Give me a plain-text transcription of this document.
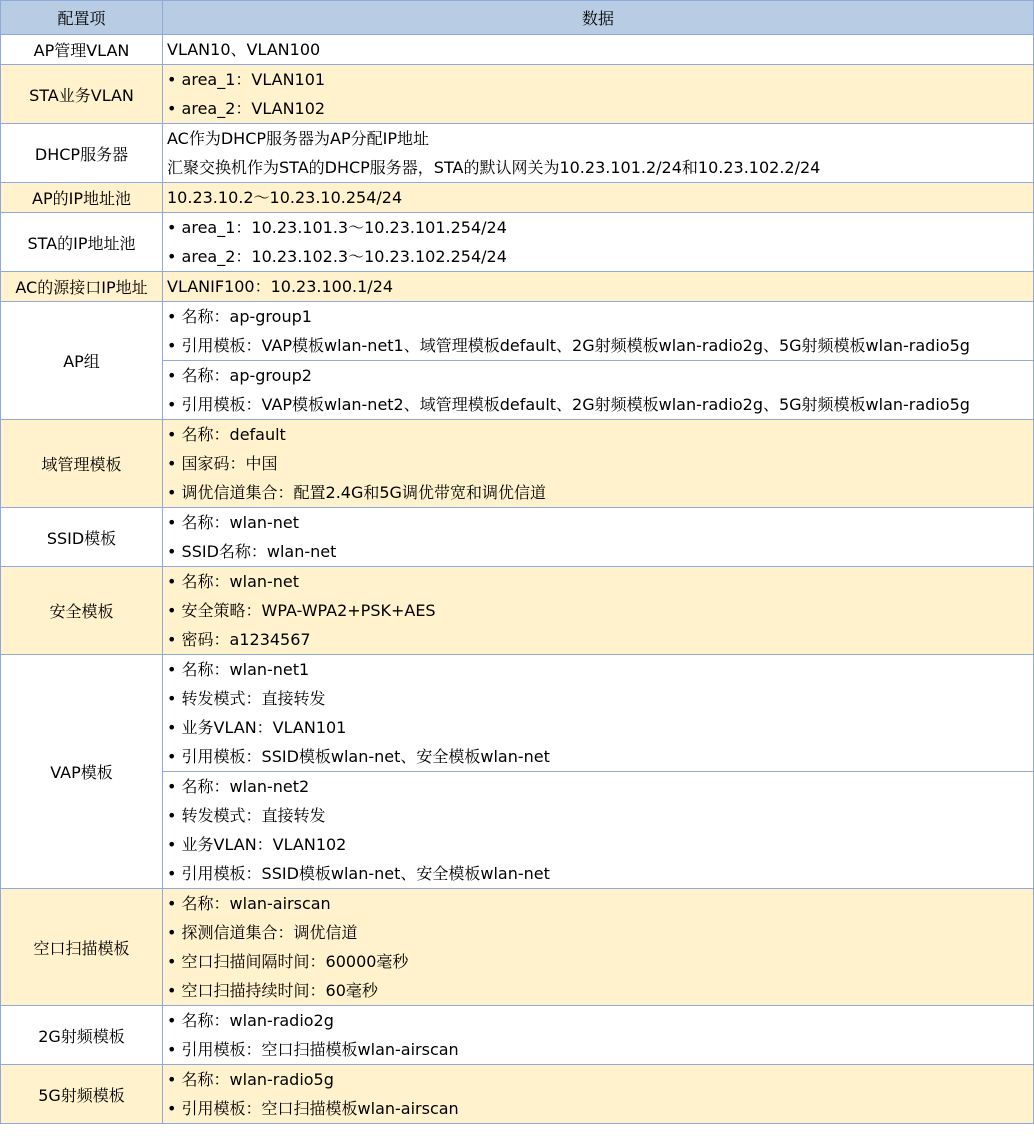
配置项	数据
AP管理VLAN	VLAN10、VLAN100

STA业务VLAN	• area_1：VLAN101
• area_2：VLAN102

DHCP服务器	AC作为DHCP服务器为AP分配IP地址
汇聚交换机作为STA的DHCP服务器，STA的默认网关为10.23.101.2/24和10.23.102.2/24

AP的IP地址池	10.23.10.2～10.23.10.254/24

STA的IP地址池	• area_1：10.23.101.3～10.23.101.254/24
• area_2：10.23.102.3～10.23.102.254/24

AC的源接口IP地址	VLANIF100：10.23.100.1/24

AP组	• 名称：ap-group1
• 引用模板：VAP模板wlan-net1、域管理模板default、2G射频模板wlan-radio2g、5G射频模板wlan-radio5g

	• 名称：ap-group2
• 引用模板：VAP模板wlan-net2、域管理模板default、2G射频模板wlan-radio2g、5G射频模板wlan-radio5g

域管理模板	• 名称：default
• 国家码：中国
• 调优信道集合：配置2.4G和5G调优带宽和调优信道

SSID模板	• 名称：wlan-net
• SSID名称：wlan-net

安全模板	• 名称：wlan-net
• 安全策略：WPA-WPA2+PSK+AES
• 密码：a1234567

VAP模板	• 名称：wlan-net1
• 转发模式：直接转发
• 业务VLAN：VLAN101
• 引用模板：SSID模板wlan-net、安全模板wlan-net

	• 名称：wlan-net2
• 转发模式：直接转发
• 业务VLAN：VLAN102
• 引用模板：SSID模板wlan-net、安全模板wlan-net

空口扫描模板	• 名称：wlan-airscan
• 探测信道集合：调优信道
• 空口扫描间隔时间：60000毫秒
• 空口扫描持续时间：60毫秒

2G射频模板	• 名称：wlan-radio2g
• 引用模板：空口扫描模板wlan-airscan

5G射频模板	• 名称：wlan-radio5g
• 引用模板：空口扫描模板wlan-airscan
